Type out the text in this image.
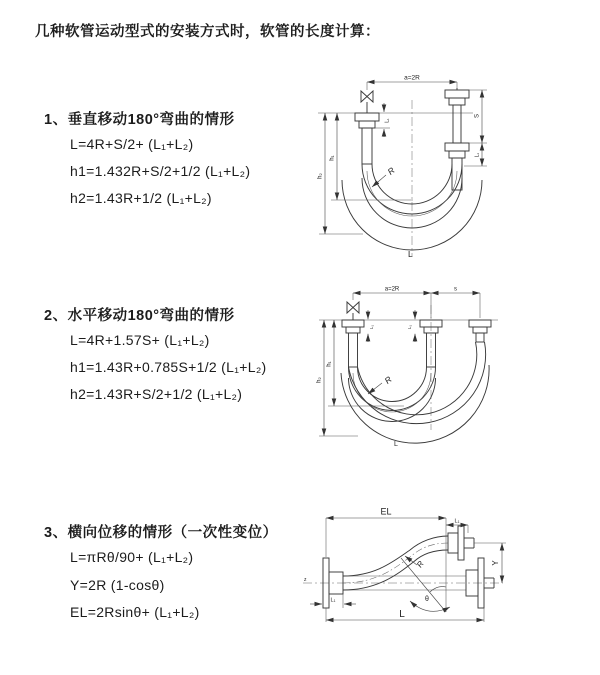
几种软管运动型式的安装方式时，软管的长度计算：
1、垂直移动180°弯曲的情形
L=4R+S/2+ (L₁+L₂)
h1=1.432R+S/2+1/2 (L₁+L₂)
h2=1.43R+1/2 (L₁+L₂)
2、水平移动180°弯曲的情形
L=4R+1.57S+ (L₁+L₂)
h1=1.43R+0.785S+1/2 (L₁+L₂)
h2=1.43R+S/2+1/2 (L₁+L₂)
3、横向位移的情形（一次性变位）
L=πRθ/90+ (L₁+L₂)
Y=2R (1-cosθ)
EL=2Rsinθ+ (L₁+L₂)
a=2R
h₁
h₂
S
L₁
L₁
R
L
a=2R	s
h₁
h₂
L₁	L₁
R
L
z
EL
L₁
Y
θ
R
L
L₁
